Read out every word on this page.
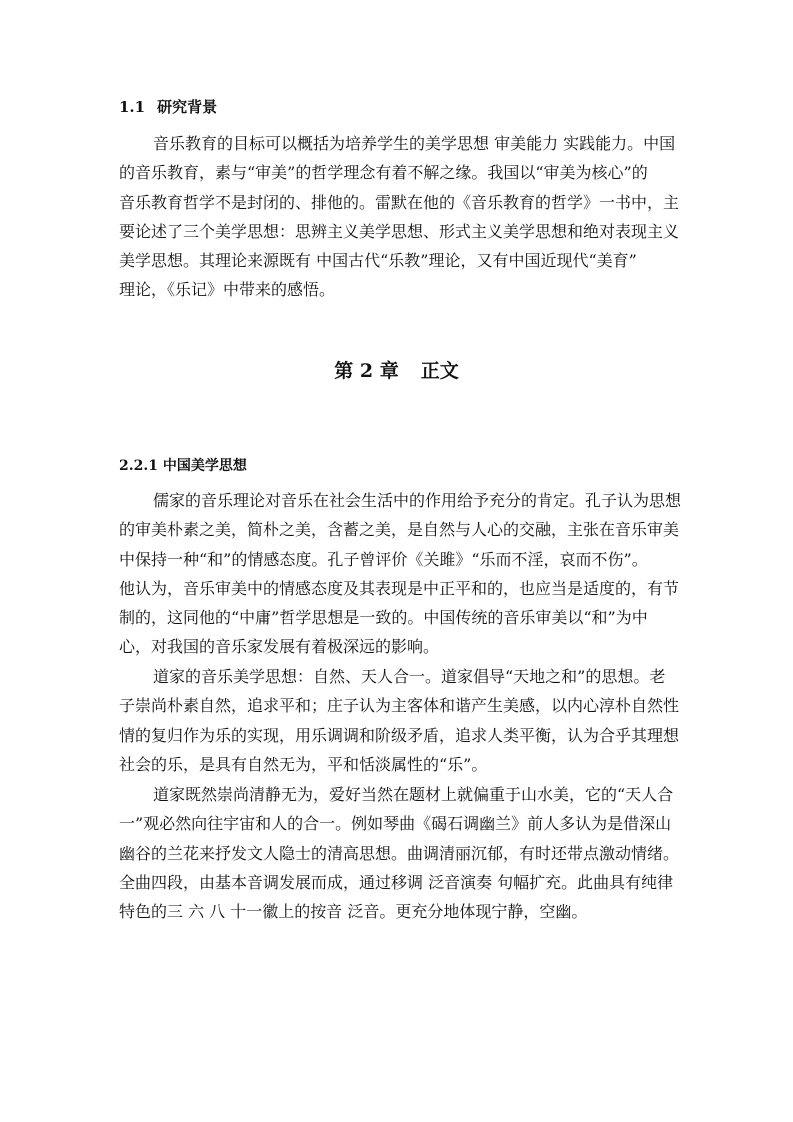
1.1 研究背景
音乐教育的目标可以概括为培养学生的美学思想 审美能力 实践能力。中国
的音乐教育，素与“审美”的哲学理念有着不解之缘。我国以“审美为核心”的
音乐教育哲学不是封闭的、排他的。雷默在他的《音乐教育的哲学》一书中，主
要论述了三个美学思想：思辨主义美学思想、形式主义美学思想和绝对表现主义
美学思想。其理论来源既有 中国古代“乐教”理论，又有中国近现代“美育”
理论，《乐记》中带来的感悟。
第 2 章 正文
2.2.1 中国美学思想
儒家的音乐理论对音乐在社会生活中的作用给予充分的肯定。孔子认为思想
的审美朴素之美，简朴之美，含蓄之美，是自然与人心的交融，主张在音乐审美
中保持一种“和”的情感态度。孔子曾评价《关雎》“乐而不淫，哀而不伤”。
他认为，音乐审美中的情感态度及其表现是中正平和的，也应当是适度的，有节
制的，这同他的“中庸”哲学思想是一致的。中国传统的音乐审美以“和”为中
心，对我国的音乐家发展有着极深远的影响。
道家的音乐美学思想：自然、天人合一。道家倡导“天地之和”的思想。老
子崇尚朴素自然，追求平和；庄子认为主客体和谐产生美感，以内心淳朴自然性
情的复归作为乐的实现，用乐调调和阶级矛盾，追求人类平衡，认为合乎其理想
社会的乐，是具有自然无为，平和恬淡属性的“乐”。
道家既然崇尚清静无为，爱好当然在题材上就偏重于山水美，它的“天人合
一”观必然向往宇宙和人的合一。例如琴曲《碣石调幽兰》前人多认为是借深山
幽谷的兰花来抒发文人隐士的清高思想。曲调清丽沉郁，有时还带点激动情绪。
全曲四段，由基本音调发展而成，通过移调 泛音演奏 句幅扩充。此曲具有纯律
特色的三 六 八 十一徽上的按音 泛音。更充分地体现宁静，空幽。
